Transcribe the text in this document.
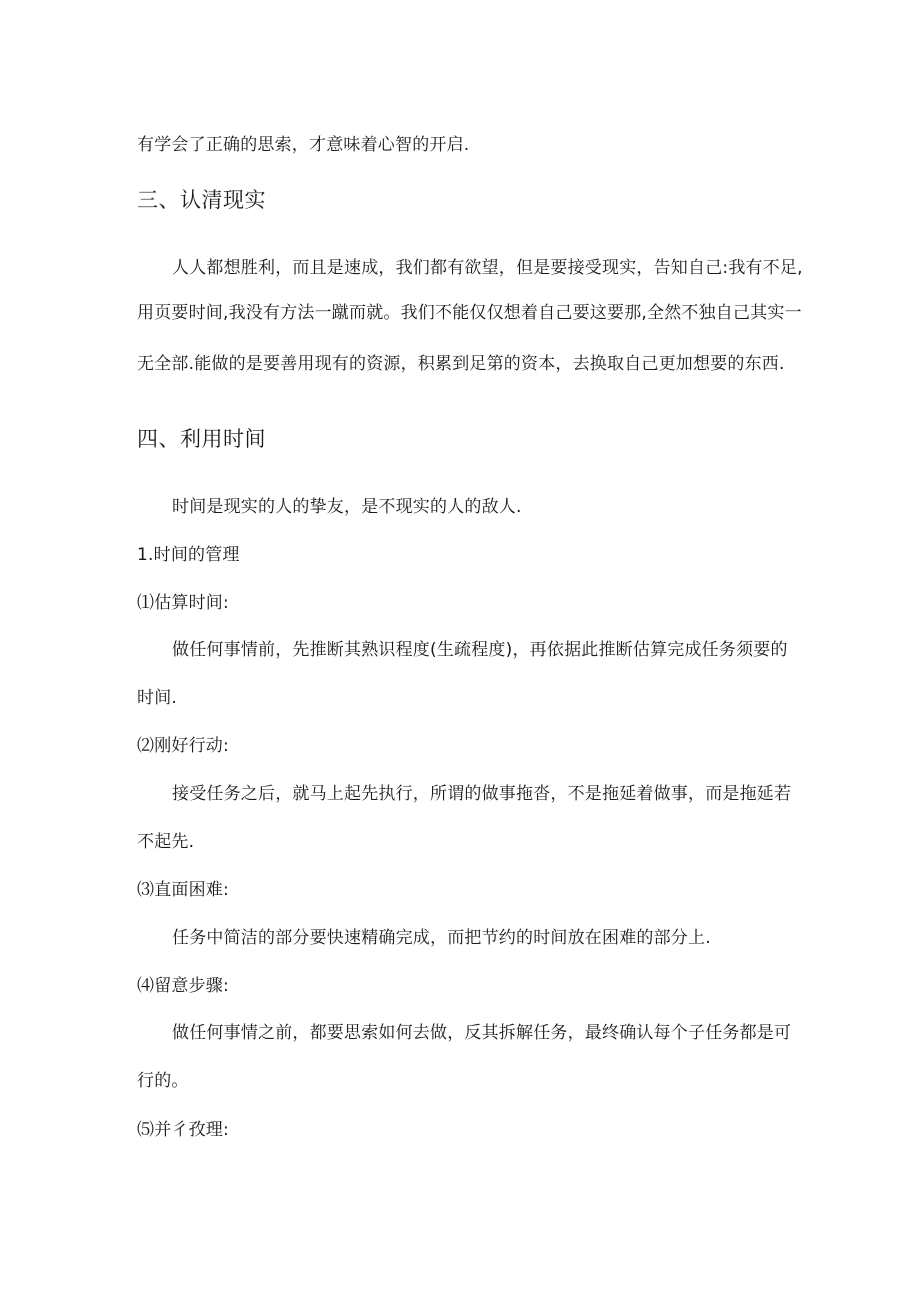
有学会了正确的思索，才意味着心智的开启.
三、认清现实
人人都想胜利，而且是速成，我们都有欲望，但是要接受现实，告知自己:我有不足,
用页要时间,我没有方法一蹴而就。我们不能仅仅想着自己要这要那,全然不独自己其实一
无全部.能做的是要善用现有的资源，积累到足第的资本，去换取自己更加想要的东西.
四、利用时间
时间是现实的人的挚友，是不现实的人的敌人.
1.时间的管理
⑴估算时间:
做任何事情前，先推断其熟识程度(生疏程度)，再依据此推断估算完成任务须要的
时间.
⑵刚好行动:
接受任务之后，就马上起先执行，所谓的做事拖沓，不是拖延着做事，而是拖延若
不起先.
⑶直面困难:
任务中简洁的部分要快速精确完成，而把节约的时间放在困难的部分上.
⑷留意步骤:
做任何事情之前，都要思索如何去做，反其拆解任务，最终确认每个子任务都是可
行的。
⑸并彳孜理:
